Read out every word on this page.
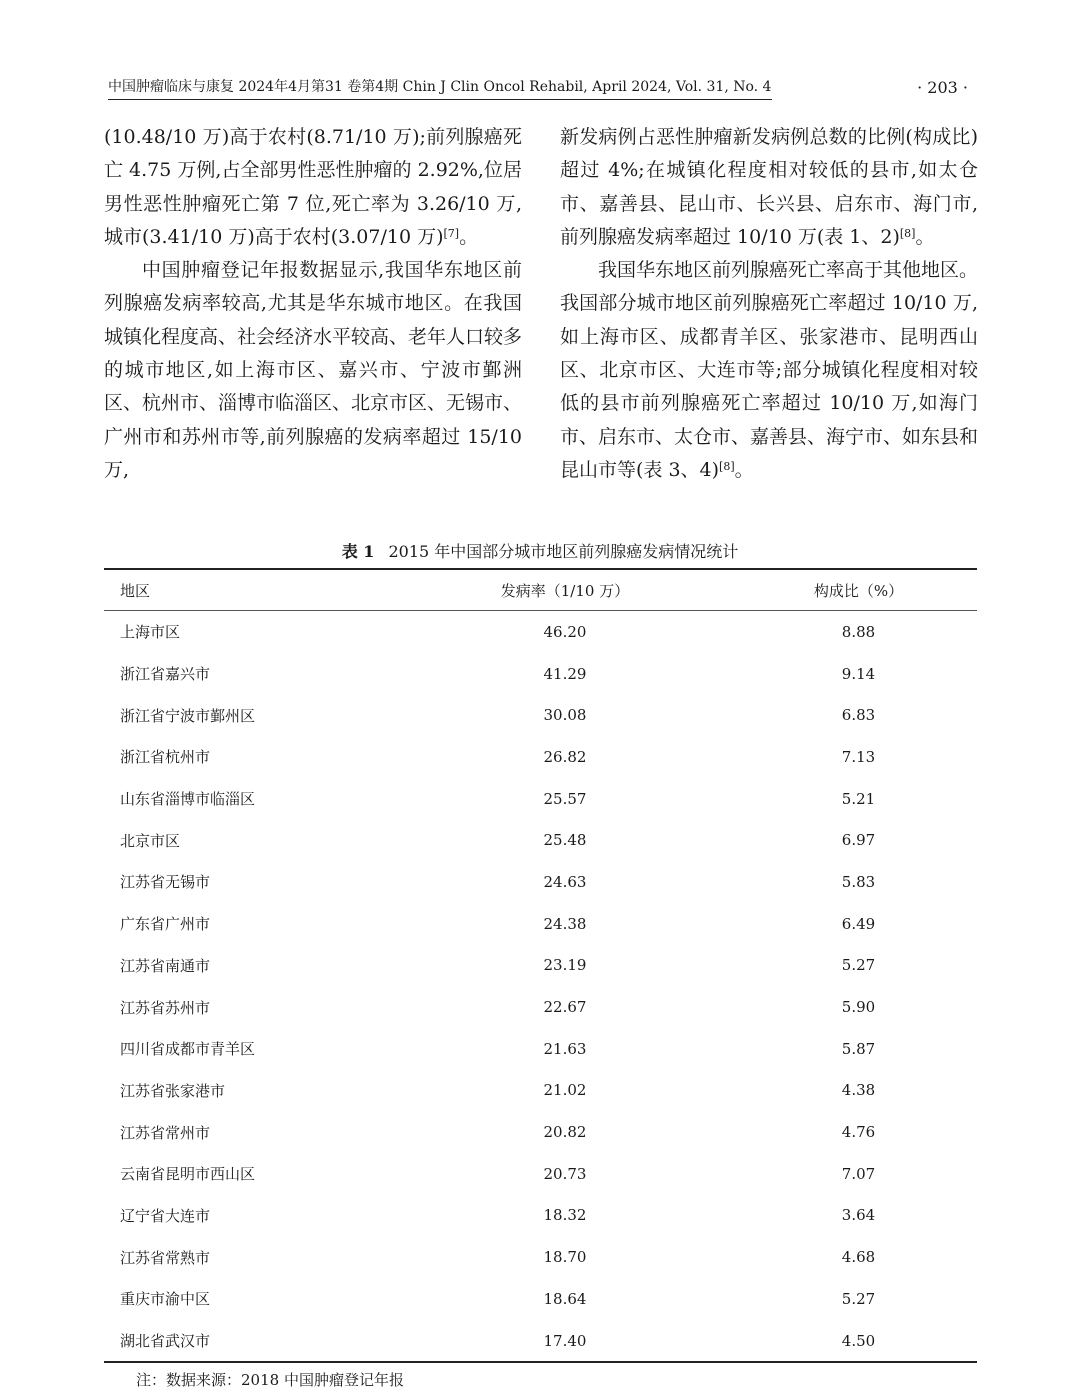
中国肿瘤临床与康复 2024年4月第31 卷第4期 Chin J Clin Oncol Rehabil, April 2024, Vol. 31, No. 4	· 203 ·

(10.48/10 万)高于农村(8.71/10 万);前列腺癌死亡 4.75 万例,占全部男性恶性肿瘤的 2.92%,位居男性恶性肿瘤死亡第 7 位,死亡率为 3.26/10 万,城市(3.41/10 万)高于农村(3.07/10 万)[7]。

中国肿瘤登记年报数据显示,我国华东地区前列腺癌发病率较高,尤其是华东城市地区。在我国城镇化程度高、社会经济水平较高、老年人口较多的城市地区,如上海市区、嘉兴市、宁波市鄞洲区、杭州市、淄博市临淄区、北京市区、无锡市、广州市和苏州市等,前列腺癌的发病率超过 15/10 万,

新发病例占恶性肿瘤新发病例总数的比例(构成比)超过 4%;在城镇化程度相对较低的县市,如太仓市、嘉善县、昆山市、长兴县、启东市、海门市,前列腺癌发病率超过 10/10 万(表 1、2)[8]。

我国华东地区前列腺癌死亡率高于其他地区。我国部分城市地区前列腺癌死亡率超过 10/10 万,如上海市区、成都青羊区、张家港市、昆明西山区、北京市区、大连市等;部分城镇化程度相对较低的县市前列腺癌死亡率超过 10/10 万,如海门市、启东市、太仓市、嘉善县、海宁市、如东县和昆山市等(表 3、4)[8]。

表 1 2015 年中国部分城市地区前列腺癌发病情况统计
地区	发病率（1/10 万）	构成比（%）
上海市区	46.20	8.88
浙江省嘉兴市	41.29	9.14
浙江省宁波市鄞州区	30.08	6.83
浙江省杭州市	26.82	7.13
山东省淄博市临淄区	25.57	5.21
北京市区	25.48	6.97
江苏省无锡市	24.63	5.83
广东省广州市	24.38	6.49
江苏省南通市	23.19	5.27
江苏省苏州市	22.67	5.90
四川省成都市青羊区	21.63	5.87
江苏省张家港市	21.02	4.38
江苏省常州市	20.82	4.76
云南省昆明市西山区	20.73	7.07
辽宁省大连市	18.32	3.64
江苏省常熟市	18.70	4.68
重庆市渝中区	18.64	5.27
湖北省武汉市	17.40	4.50
注：数据来源：2018 中国肿瘤登记年报
